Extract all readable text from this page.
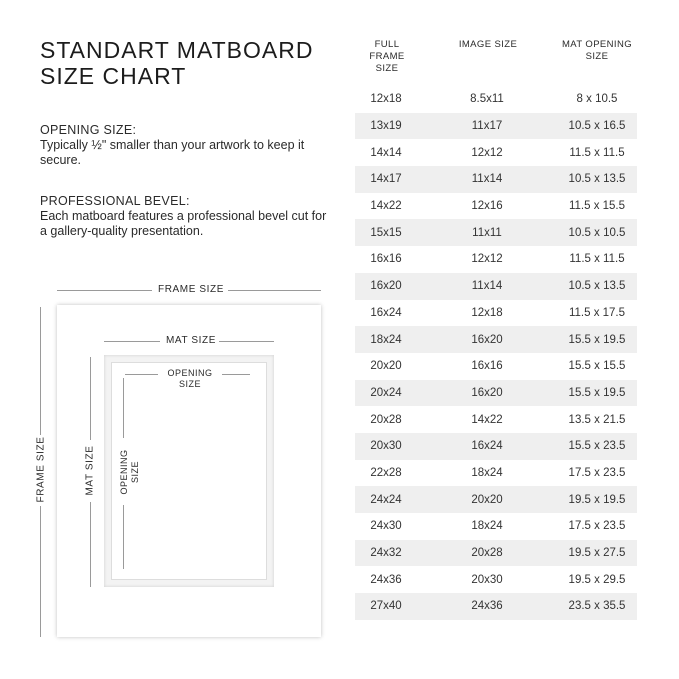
STANDART MATBOARD
SIZE CHART
OPENING SIZE:
Typically ½" smaller than your artwork to keep it secure.
PROFESSIONAL BEVEL:
Each matboard features a professional bevel cut for a gallery-quality presentation.
FULL FRAME
SIZE
IMAGE SIZE	MAT OPENING
SIZE
12x18	8.5x11	8 x 10.5
13x19	11x17	10.5 x 16.5
14x14	12x12	11.5 x 11.5
14x17	11x14	10.5 x 13.5
14x22	12x16	11.5 x 15.5
15x15	11x11	10.5 x 10.5
16x16	12x12	11.5 x 11.5
16x20	11x14	10.5 x 13.5
16x24	12x18	11.5 x 17.5
18x24	16x20	15.5 x 19.5
20x20	16x16	15.5 x 15.5
20x24	16x20	15.5 x 19.5
20x28	14x22	13.5 x 21.5
20x30	16x24	15.5 x 23.5
22x28	18x24	17.5 x 23.5
24x24	20x20	19.5 x 19.5
24x30	18x24	17.5 x 23.5
24x32	20x28	19.5 x 27.5
24x36	20x30	19.5 x 29.5
27x40	24x36	23.5 x 35.5
FRAME SIZE
FRAME SIZE
MAT SIZE
MAT SIZE
OPENING
SIZE
OPENING
SIZE
